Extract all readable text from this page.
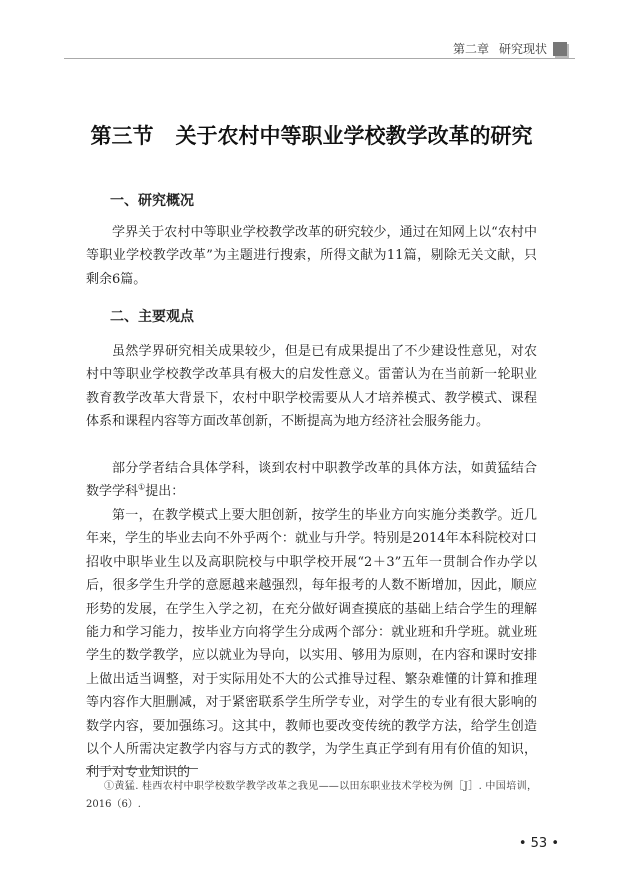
第二章 研究现状
第三节 关于农村中等职业学校教学改革的研究
一、研究概况

学界关于农村中等职业学校教学改革的研究较少，通过在知网上以“农村中等职业学校教学改革”为主题进行搜索，所得文献为11篇，剔除无关文献，只剩余6篇。

二、主要观点

虽然学界研究相关成果较少，但是已有成果提出了不少建设性意见，对农村中等职业学校教学改革具有极大的启发性意义。雷蕾认为在当前新一轮职业教育教学改革大背景下，农村中职学校需要从人才培养模式、教学模式、课程体系和课程内容等方面改革创新，不断提高为地方经济社会服务能力。

部分学者结合具体学科，谈到农村中职教学改革的具体方法，如黄猛结合数学学科①提出：

第一，在教学模式上要大胆创新，按学生的毕业方向实施分类教学。近几年来，学生的毕业去向不外乎两个：就业与升学。特别是2014年本科院校对口招收中职毕业生以及高职院校与中职学校开展“2＋3”五年一贯制合作办学以后，很多学生升学的意愿越来越强烈，每年报考的人数不断增加，因此，顺应形势的发展，在学生入学之初，在充分做好调查摸底的基础上结合学生的理解能力和学习能力，按毕业方向将学生分成两个部分：就业班和升学班。就业班学生的数学教学，应以就业为导向，以实用、够用为原则，在内容和课时安排上做出适当调整，对于实际用处不大的公式推导过程、繁杂难懂的计算和推理等内容作大胆删减，对于紧密联系学生所学专业，对学生的专业有很大影响的数学内容，要加强练习。这其中，教师也要改变传统的教学方法，给学生创造以个人所需决定教学内容与方式的教学，为学生真正学到有用有价值的知识，利于对专业知识的

①黄猛. 桂西农村中职学校数学教学改革之我见——以田东职业技术学校为例［J］. 中国培训，2016（6）.

• 53 •
